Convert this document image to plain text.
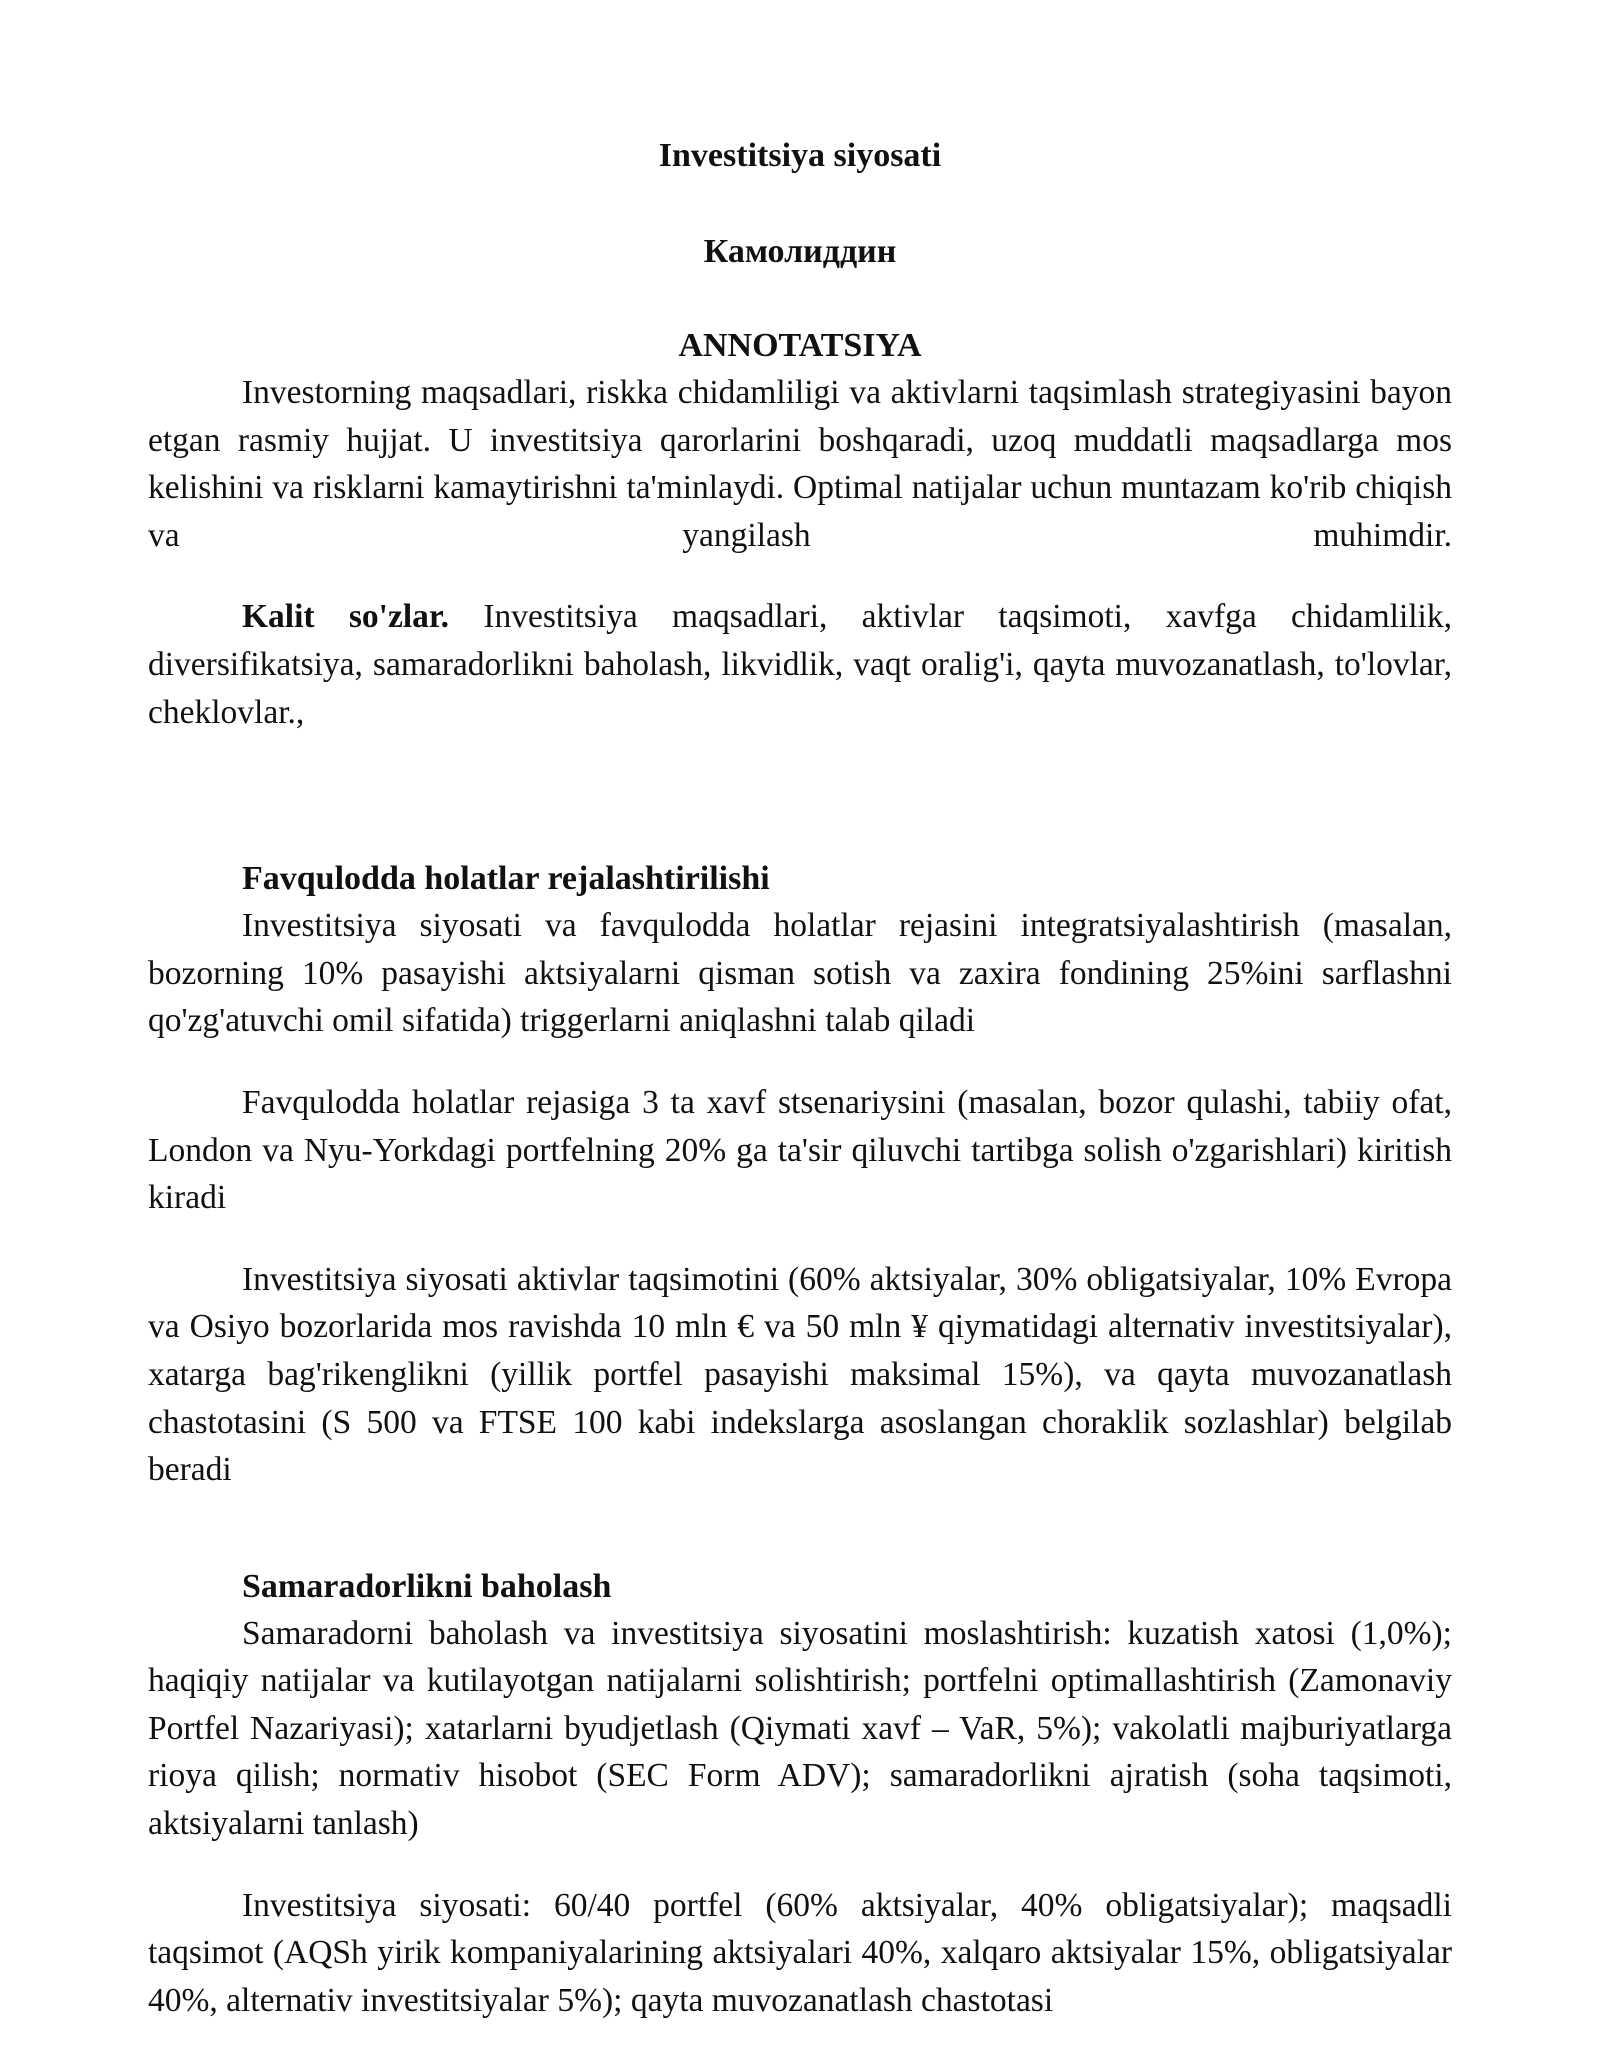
Investitsiya siyosati
Камолиддин
ANNOTATSIYA

Investorning maqsadlari, riskka chidamliligi va aktivlarni taqsimlash strategiyasini bayon etgan rasmiy hujjat. U investitsiya qarorlarini boshqaradi, uzoq muddatli maqsadlarga mos kelishini va risklarni kamaytirishni ta'minlaydi. Optimal natijalar uchun muntazam ko'rib chiqish va yangilash muhimdir.

Kalit so'zlar. Investitsiya maqsadlari, aktivlar taqsimoti, xavfga chidamlilik, diversifikatsiya, samaradorlikni baholash, likvidlik, vaqt oralig'i, qayta muvozanatlash, to'lovlar, cheklovlar.,

Favqulodda holatlar rejalashtirilishi

Investitsiya siyosati va favqulodda holatlar rejasini integratsiyalashtirish (masalan, bozorning 10% pasayishi aktsiyalarni qisman sotish va zaxira fondining 25%ini sarflashni qo'zg'atuvchi omil sifatida) triggerlarni aniqlashni talab qiladi

Favqulodda holatlar rejasiga 3 ta xavf stsenariysini (masalan, bozor qulashi, tabiiy ofat, London va Nyu-Yorkdagi portfelning 20% ga ta'sir qiluvchi tartibga solish o'zgarishlari) kiritish kiradi

Investitsiya siyosati aktivlar taqsimotini (60% aktsiyalar, 30% obligatsiyalar, 10% Evropa va Osiyo bozorlarida mos ravishda 10 mln € va 50 mln ¥ qiymatidagi alternativ investitsiyalar), xatarga bag'rikenglikni (yillik portfel pasayishi maksimal 15%), va qayta muvozanatlash chastotasini (S 500 va FTSE 100 kabi indekslarga asoslangan choraklik sozlashlar) belgilab beradi

Samaradorlikni baholash

Samaradorni baholash va investitsiya siyosatini moslashtirish: kuzatish xatosi (1,0%); haqiqiy natijalar va kutilayotgan natijalarni solishtirish; portfelni optimallashtirish (Zamonaviy Portfel Nazariyasi); xatarlarni byudjetlash (Qiymati xavf – VaR, 5%); vakolatli majburiyatlarga rioya qilish; normativ hisobot (SEC Form ADV); samaradorlikni ajratish (soha taqsimoti, aktsiyalarni tanlash)

Investitsiya siyosati: 60/40 portfel (60% aktsiyalar, 40% obligatsiyalar); maqsadli taqsimot (AQSh yirik kompaniyalarining aktsiyalari 40%, xalqaro aktsiyalar 15%, obligatsiyalar 40%, alternativ investitsiyalar 5%); qayta muvozanatlash chastotasi
